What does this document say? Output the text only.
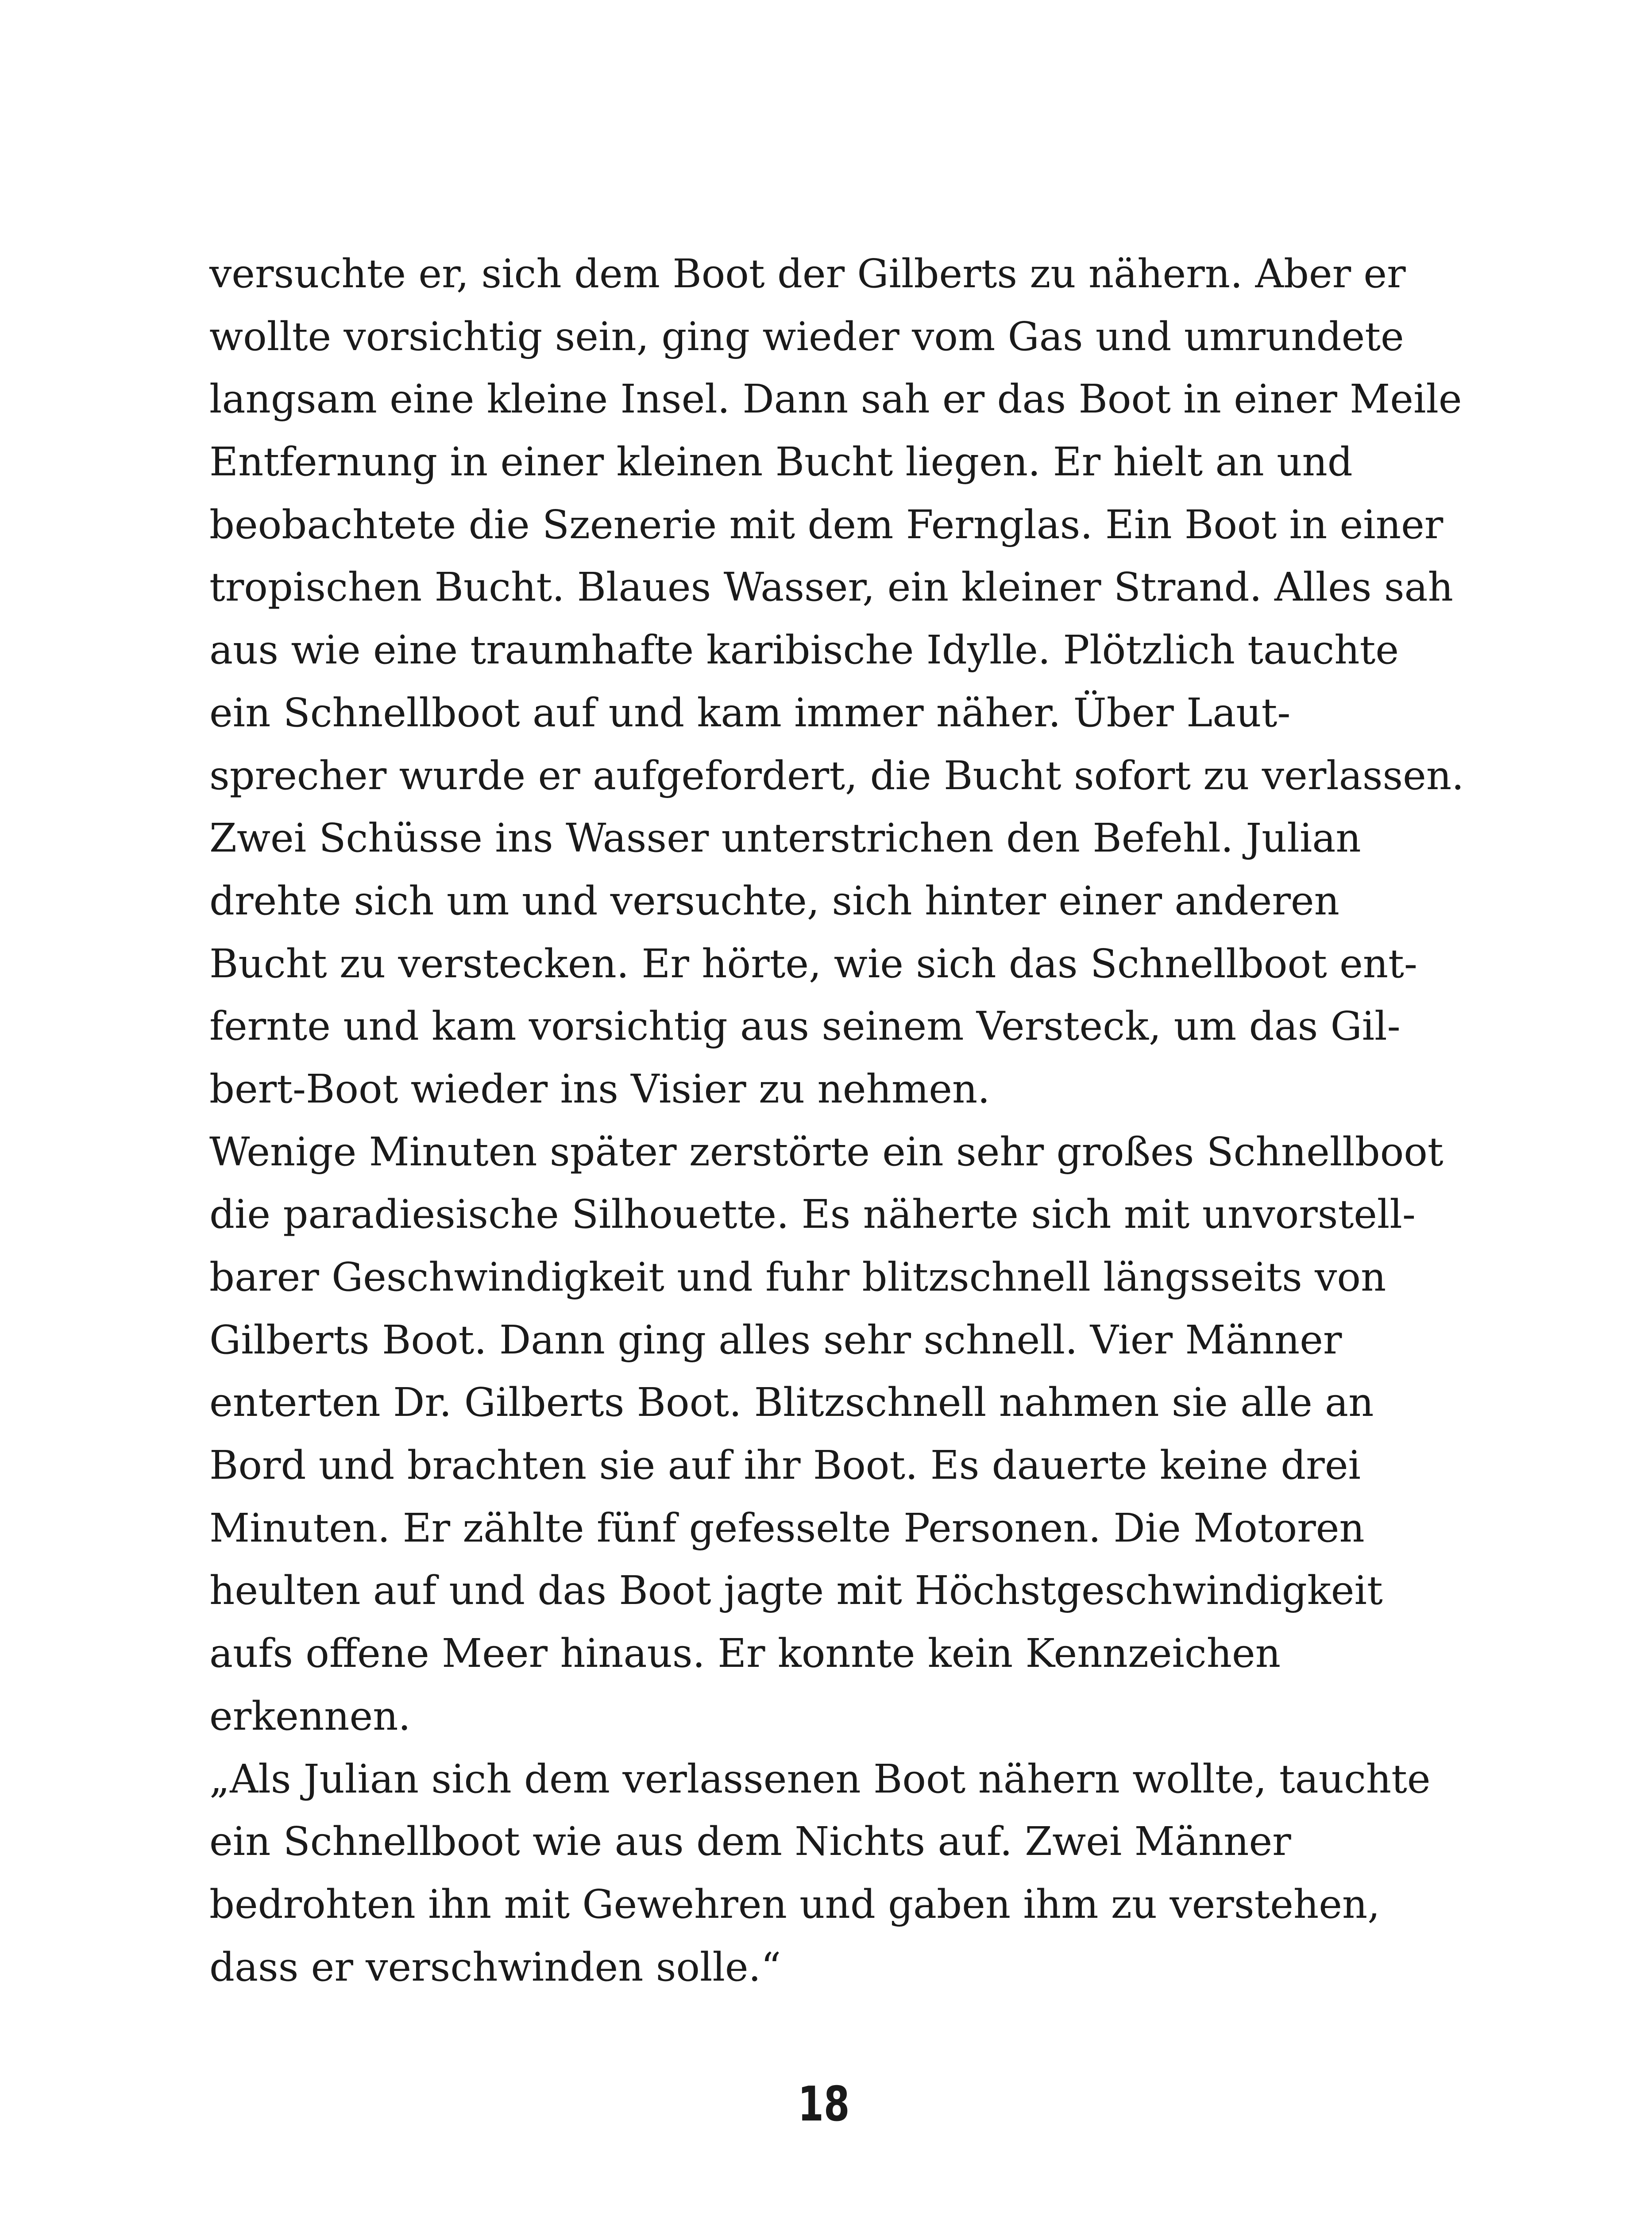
versuchte er, sich dem Boot der Gilberts zu nähern. Aber er
wollte vorsichtig sein, ging wieder vom Gas und umrundete
langsam eine kleine Insel. Dann sah er das Boot in einer Meile
Entfernung in einer kleinen Bucht liegen. Er hielt an und
beobachtete die Szenerie mit dem Fernglas. Ein Boot in einer
tropischen Bucht. Blaues Wasser, ein kleiner Strand. Alles sah
aus wie eine traumhafte karibische Idylle. Plötzlich tauchte
ein Schnellboot auf und kam immer näher. Über Laut-
sprecher wurde er aufgefordert, die Bucht sofort zu verlassen.
Zwei Schüsse ins Wasser unterstrichen den Befehl. Julian
drehte sich um und versuchte, sich hinter einer anderen
Bucht zu verstecken. Er hörte, wie sich das Schnellboot ent-
fernte und kam vorsichtig aus seinem Versteck, um das Gil-
bert-Boot wieder ins Visier zu nehmen.
Wenige Minuten später zerstörte ein sehr großes Schnellboot
die paradiesische Silhouette. Es näherte sich mit unvorstell-
barer Geschwindigkeit und fuhr blitzschnell längsseits von
Gilberts Boot. Dann ging alles sehr schnell. Vier Männer
enterten Dr. Gilberts Boot. Blitzschnell nahmen sie alle an
Bord und brachten sie auf ihr Boot. Es dauerte keine drei
Minuten. Er zählte fünf gefesselte Personen. Die Motoren
heulten auf und das Boot jagte mit Höchstgeschwindigkeit
aufs offene Meer hinaus. Er konnte kein Kennzeichen
erkennen.
„Als Julian sich dem verlassenen Boot nähern wollte, tauchte
ein Schnellboot wie aus dem Nichts auf. Zwei Männer
bedrohten ihn mit Gewehren und gaben ihm zu verstehen,
dass er verschwinden solle.“
18
